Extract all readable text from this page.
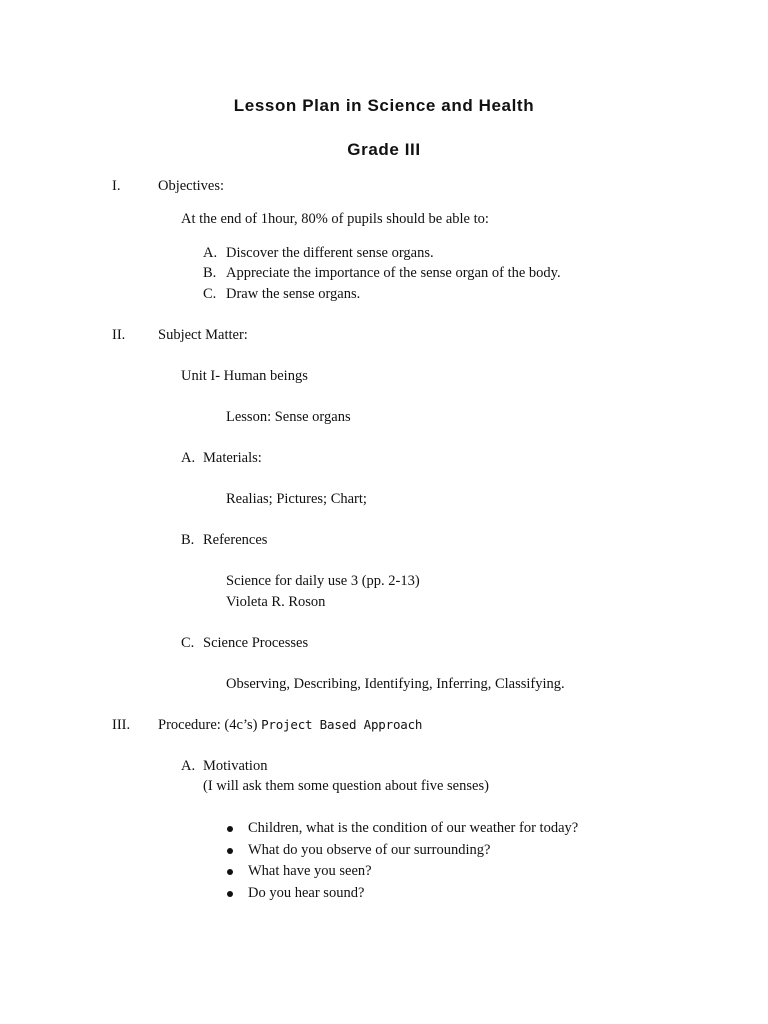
Lesson Plan in Science and Health
Grade III
I.	Objectives:
At the end of 1hour, 80% of pupils should be able to:
A. Discover the different sense organs.
B. Appreciate the importance of the sense organ of the body.
C. Draw the sense organs.
II. Subject Matter:
Unit I- Human beings
Lesson: Sense organs
A. Materials:
Realias; Pictures; Chart;
B. References
Science for daily use 3 (pp. 2-13)
Violeta R. Roson
C. Science Processes
Observing, Describing, Identifying, Inferring, Classifying.
III. Procedure: (4c’s) Project Based Approach
A. Motivation
(I will ask them some question about five senses)
Children, what is the condition of our weather for today?
What do you observe of our surrounding?
What have you seen?
Do you hear sound?
